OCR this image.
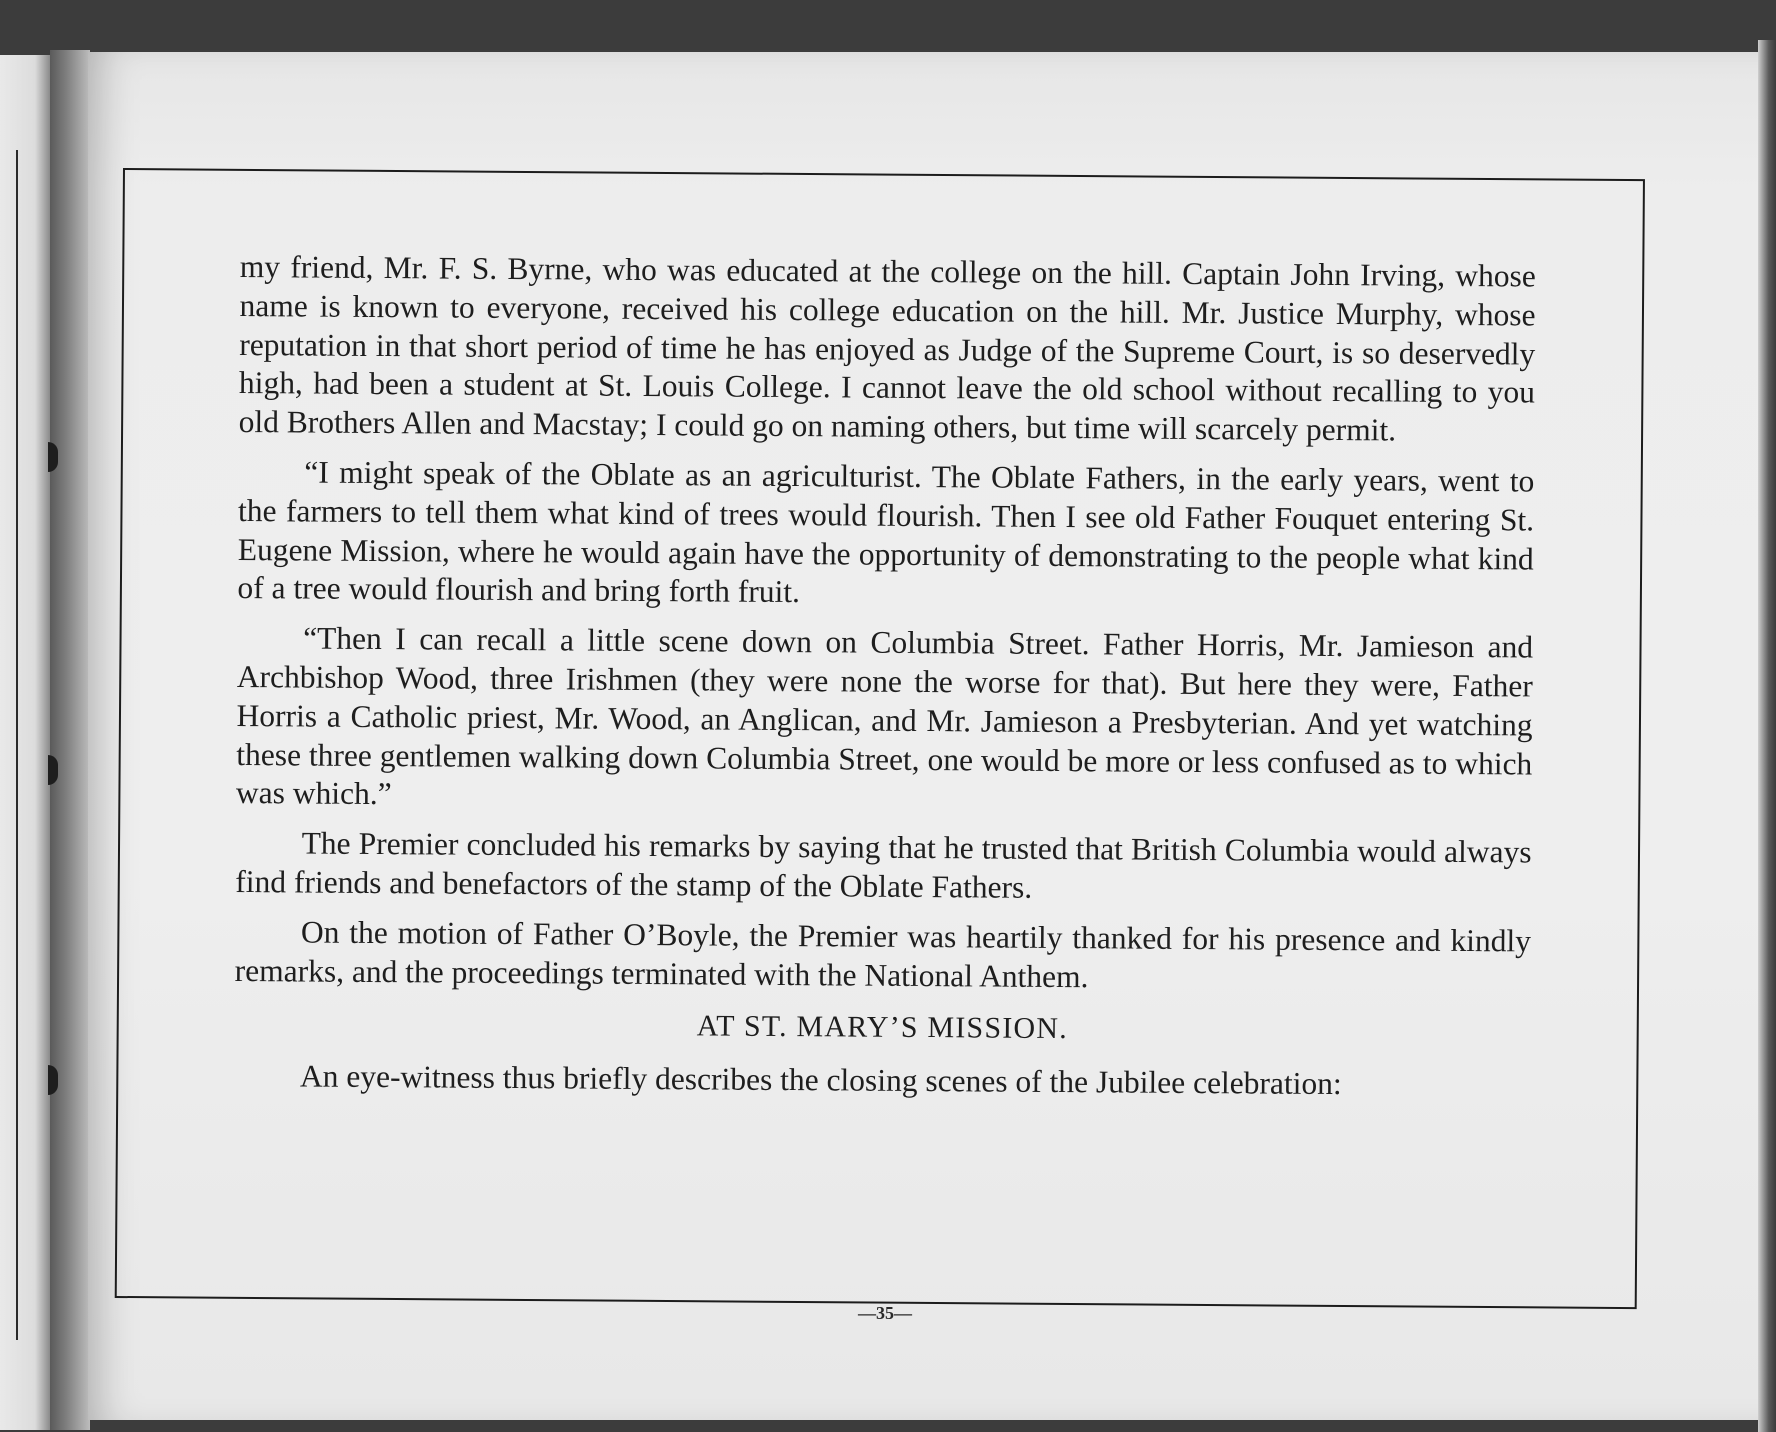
my friend, Mr. F. S. Byrne, who was educated at the college on the hill. Captain John Irving, whose name is known to everyone, received his college education on the hill. Mr. Justice Murphy, whose reputation in that short period of time he has enjoyed as Judge of the Supreme Court, is so deservedly high, had been a student at St. Louis College. I cannot leave the old school without recalling to you old Brothers Allen and Macstay; I could go on naming others, but time will scarcely permit.

“I might speak of the Oblate as an agriculturist. The Oblate Fathers, in the early years, went to the farmers to tell them what kind of trees would flourish. Then I see old Father Fouquet entering St. Eugene Mission, where he would again have the opportunity of demonstrating to the people what kind of a tree would flourish and bring forth fruit.

“Then I can recall a little scene down on Columbia Street. Father Horris, Mr. Jamieson and Archbishop Wood, three Irishmen (they were none the worse for that). But here they were, Father Horris a Catholic priest, Mr. Wood, an Anglican, and Mr. Jamieson a Presbyterian. And yet watching these three gentlemen walking down Columbia Street, one would be more or less confused as to which was which.”

The Premier concluded his remarks by saying that he trusted that British Columbia would always find friends and benefactors of the stamp of the Oblate Fathers.

On the motion of Father O’Boyle, the Premier was heartily thanked for his presence and kindly remarks, and the proceedings terminated with the National Anthem.

AT ST. MARY’S MISSION.

An eye-witness thus briefly describes the closing scenes of the Jubilee celebration:

—35—
